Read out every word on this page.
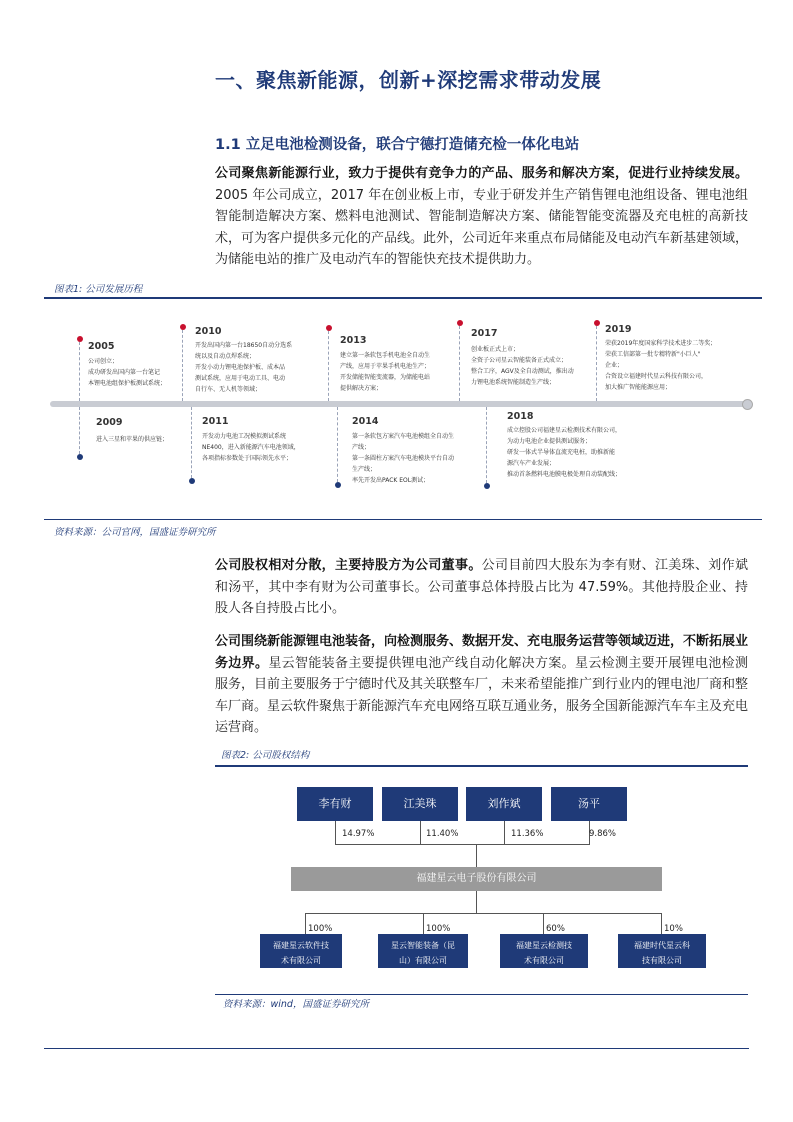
一、聚焦新能源，创新+深挖需求带动发展
1.1 立足电池检测设备，联合宁德打造储充检一体化电站
公司聚焦新能源行业，致力于提供有竞争力的产品、服务和解决方案，促进行业持续发展。2005 年公司成立，2017 年在创业板上市，专业于研发并生产销售锂电池组设备、锂电池组智能制造解决方案、燃料电池测试、智能制造解决方案、储能智能变流器及充电桩的高新技术，可为客户提供多元化的产品线。此外，公司近年来重点布局储能及电动汽车新基建领域，为储能电站的推广及电动汽车的智能快充技术提供助力。
图表1: 公司发展历程
2005
公司创立；
成功研发出国内第一台笔记
本锂电池组保护板测试系统；
2009
进入三星和苹果的供应链；
2010
开发出国内第一台18650自动分选系
统以及自动点焊系统；
开发小动力锂电池保护板、成本品
测试系统，应用于电动工具、电动
自行车、无人机等领域；
2011
开发动力电池工况模拟测试系统
NE400，进入新能源汽车电池领域，
各项指标参数处于国际领先水平；
2013
建立第一条软包手机电池全自动生
产线，应用于苹果手机电池生产；
开发储能智能变流器，为储能电站
提供解决方案；
2014
第一条软包方案汽车电池模组全自动生
产线；
第一条圆柱方案汽车电池模块平台自动
生产线；
率先开发出PACK EOL测试；
2017
创业板正式上市；
全资子公司星云智能装备正式成立；
整合工序，AGV及全自动测试，推出动
力锂电池系统智能制造生产线；
2018
成立控股公司福建星云检测技术有限公司，
为动力电池企业提供测试服务；
研发一体式半导体直流充电桩，助推新能
源汽车产业发展；
推动首条燃料电池膜电极处理自动装配线；
2019
荣获2019年度国家科学技术进步二等奖；
荣获工信部第一批专精特新"小巨人"
企业；
合资设立福建时代星云科技有限公司，
加大推广智能能源应用；
资料来源：公司官网，国盛证券研究所
公司股权相对分散，主要持股方为公司董事。公司目前四大股东为李有财、江美珠、刘作斌和汤平，其中李有财为公司董事长。公司董事总体持股占比为 47.59%。其他持股企业、持股人各自持股占比小。
公司围绕新能源锂电池装备，向检测服务、数据开发、充电服务运营等领域迈进，不断拓展业务边界。星云智能装备主要提供锂电池产线自动化解决方案。星云检测主要开展锂电池检测服务，目前主要服务于宁德时代及其关联整车厂，未来希望能推广到行业内的锂电池厂商和整车厂商。星云软件聚焦于新能源汽车充电网络互联互通业务，服务全国新能源汽车车主及充电运营商。
图表2: 公司股权结构
李有财	江美珠	刘作斌	汤平
14.97%	11.40%	11.36%	9.86%
福建星云电子股份有限公司
100%	100%	60%	10%
福建星云软件技
术有限公司
星云智能装备（昆
山）有限公司
福建星云检测技
术有限公司
福建时代星云科
技有限公司
资料来源：wind，国盛证券研究所
